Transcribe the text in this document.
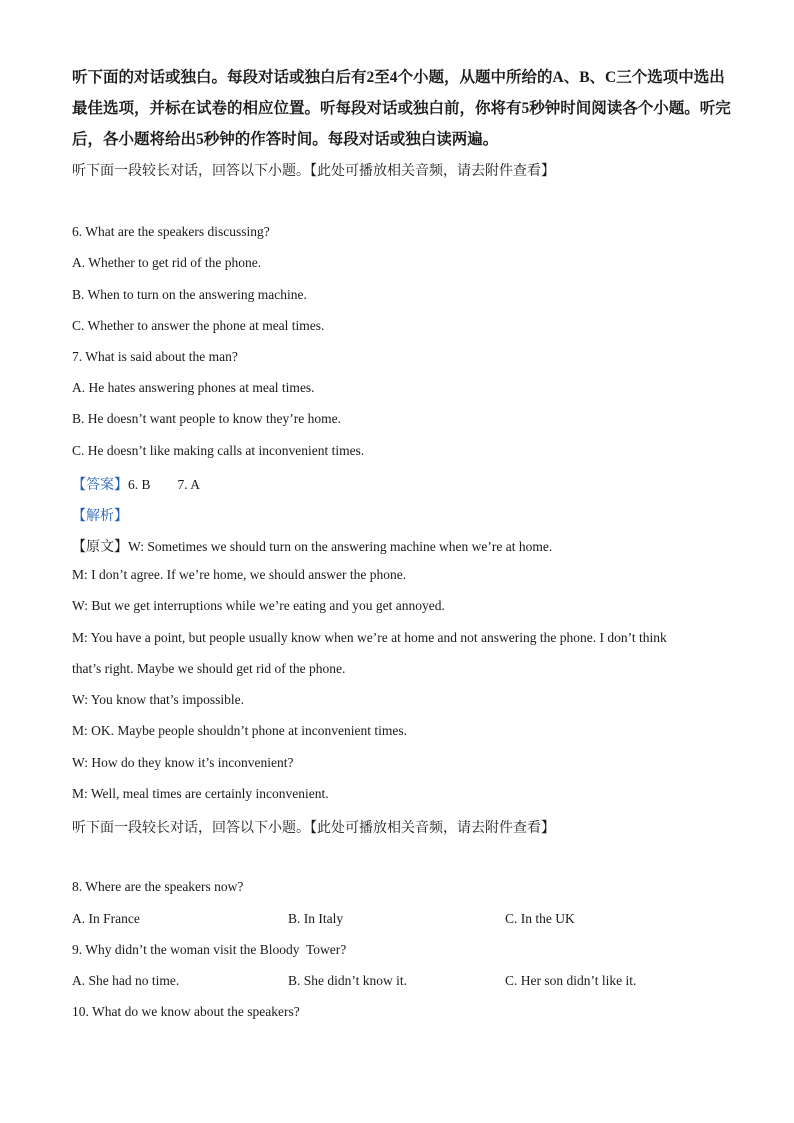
听下面的对话或独白。每段对话或独白后有2至4个小题，从题中所给的A、B、C三个选项中选出最佳选项，并标在试卷的相应位置。听每段对话或独白前，你将有5秒钟时间阅读各个小题。听完后，各小题将给出5秒钟的作答时间。每段对话或独白读两遍。
听下面一段较长对话，回答以下小题。【此处可播放相关音频，请去附件查看】
6. What are the speakers discussing?
A. Whether to get rid of the phone.
B. When to turn on the answering machine.
C. Whether to answer the phone at meal times.
7. What is said about the man?
A. He hates answering phones at meal times.
B. He doesn’t want people to know they’re home.
C. He doesn’t like making calls at inconvenient times.
【答案】6. B        7. A
【解析】
【原文】W: Sometimes we should turn on the answering machine when we’re at home.
M: I don’t agree. If we’re home, we should answer the phone.
W: But we get interruptions while we’re eating and you get annoyed.
M: You have a point, but people usually know when we’re at home and not answering the phone. I don’t think
that’s right. Maybe we should get rid of the phone.
W: You know that’s impossible.
M: OK. Maybe people shouldn’t phone at inconvenient times.
W: How do they know it’s inconvenient?
M: Well, meal times are certainly inconvenient.
听下面一段较长对话，回答以下小题。【此处可播放相关音频，请去附件查看】
8. Where are the speakers now?
A. In France	B. In Italy	C. In the UK
9. Why didn’t the woman visit the Bloody  Tower?
A. She had no time.	B. She didn’t know it.	C. Her son didn’t like it.
10. What do we know about the speakers?
